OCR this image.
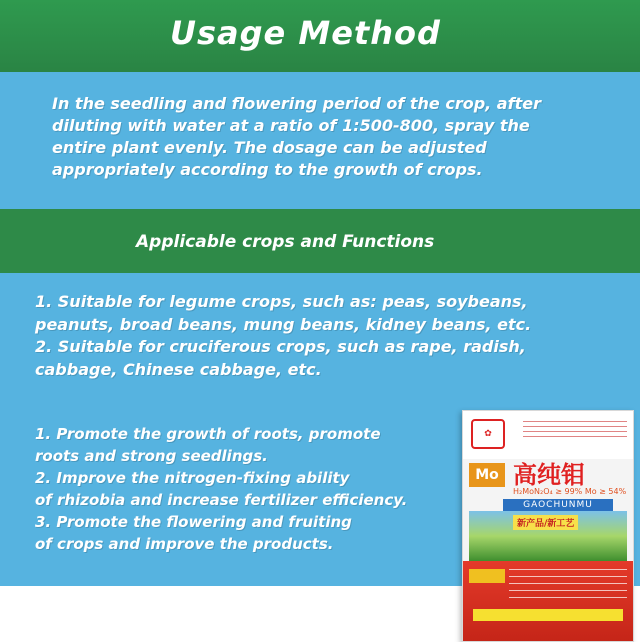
Usage Method
In the seedling and flowering period of the crop, after
diluting with water at a ratio of 1:500-800, spray the
entire plant evenly. The dosage can be adjusted
appropriately according to the growth of crops.
Applicable crops and Functions
1. Suitable for legume crops, such as: peas, soybeans,
peanuts, broad beans, mung beans, kidney beans, etc.
2. Suitable for cruciferous crops, such as rape, radish,
cabbage, Chinese cabbage, etc.
1. Promote the growth of roots, promote
roots and strong seedlings.
2. Improve the nitrogen-fixing ability
of rhizobia and increase fertilizer efficiency.
3. Promote the flowering and fruiting
of crops and improve the products.
✿
Mo 高纯钼
H₂MoN₂O₄ ≥ 99% Mo ≥ 54%
GAOCHUNMU
新产品/新工艺
